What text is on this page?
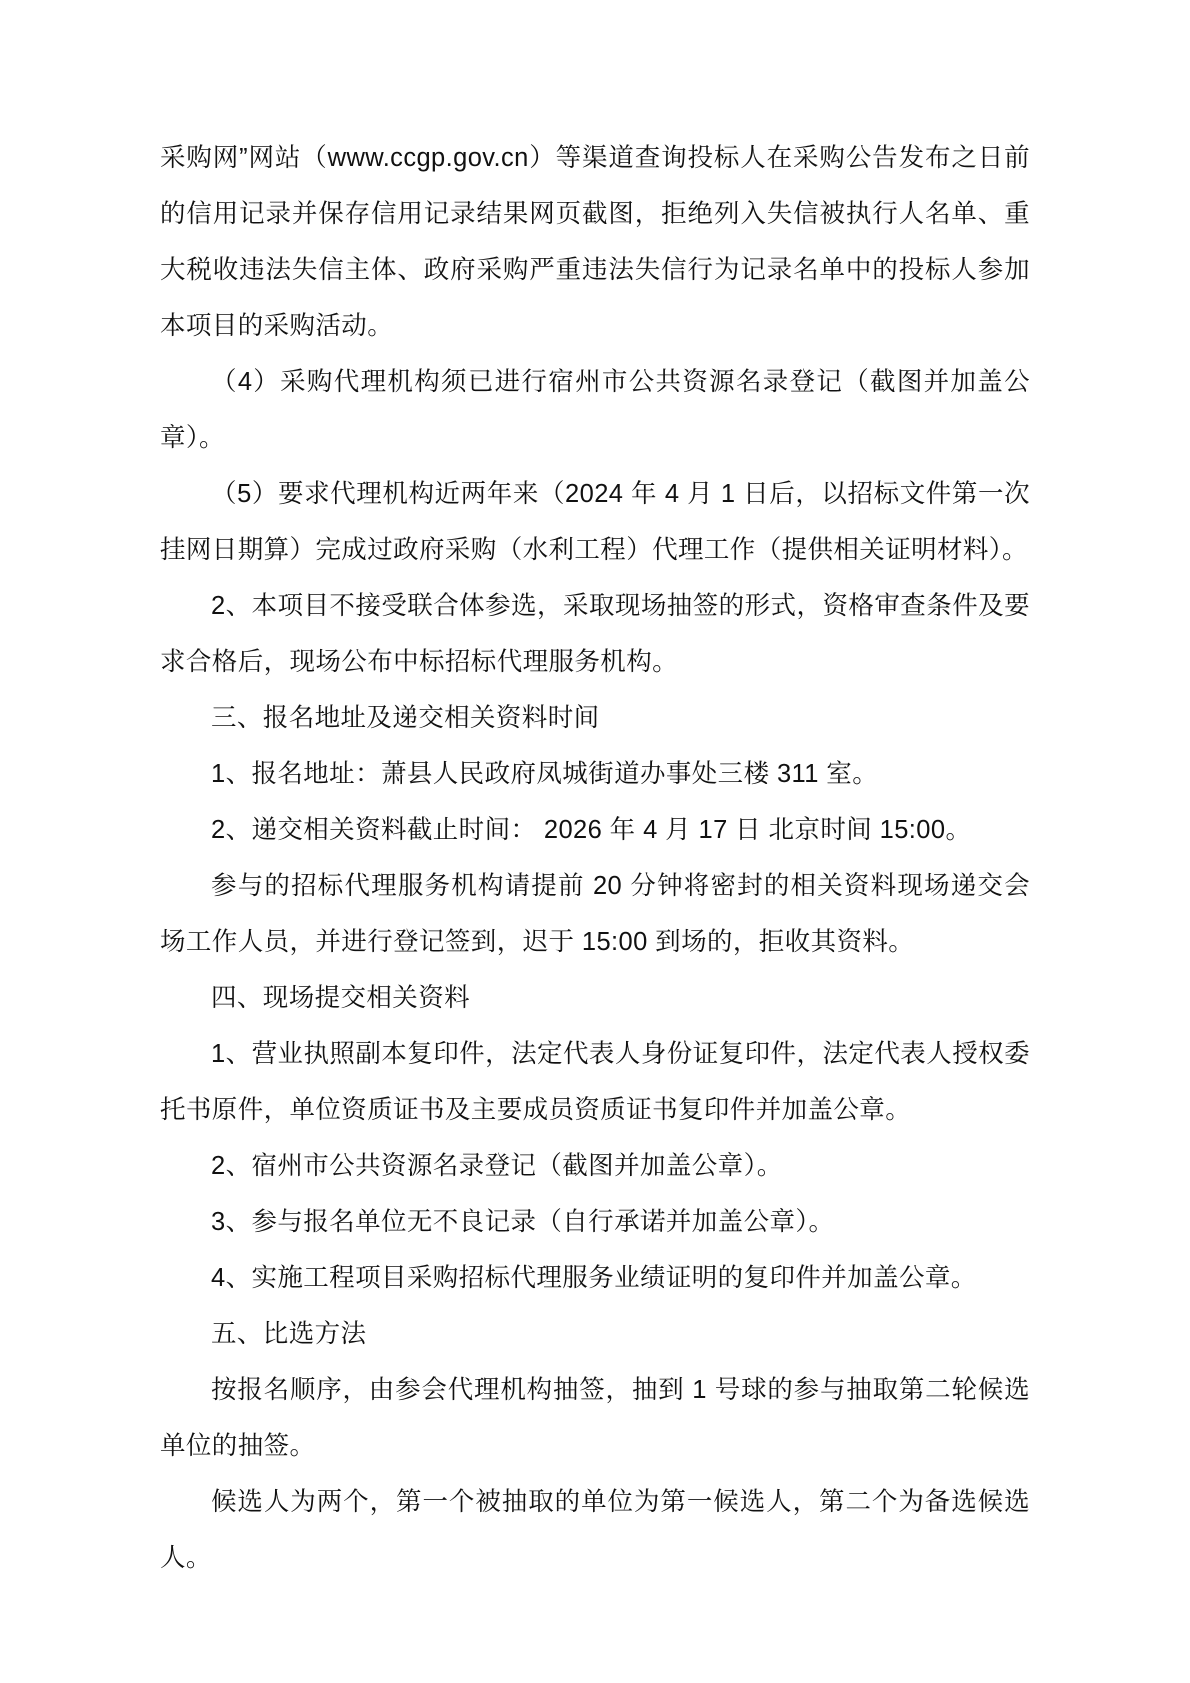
采购网”网站（www.ccgp.gov.cn）等渠道查询投标人在采购公告发布之日前的信用记录并保存信用记录结果网页截图，拒绝列入失信被执行人名单、重大税收违法失信主体、政府采购严重违法失信行为记录名单中的投标人参加本项目的采购活动。

（4）采购代理机构须已进行宿州市公共资源名录登记（截图并加盖公章）。

（5）要求代理机构近两年来（2024 年 4 月 1 日后，以招标文件第一次挂网日期算）完成过政府采购（水利工程）代理工作（提供相关证明材料）。

2、本项目不接受联合体参选，采取现场抽签的形式，资格审查条件及要求合格后，现场公布中标招标代理服务机构。

三、报名地址及递交相关资料时间

1、报名地址：萧县人民政府凤城街道办事处三楼 311 室。

2、递交相关资料截止时间： 2026 年 4 月 17 日 北京时间 15:00。

参与的招标代理服务机构请提前 20 分钟将密封的相关资料现场递交会场工作人员，并进行登记签到，迟于 15:00 到场的，拒收其资料。

四、现场提交相关资料

1、营业执照副本复印件，法定代表人身份证复印件，法定代表人授权委托书原件，单位资质证书及主要成员资质证书复印件并加盖公章。

2、宿州市公共资源名录登记（截图并加盖公章）。

3、参与报名单位无不良记录（自行承诺并加盖公章）。

4、实施工程项目采购招标代理服务业绩证明的复印件并加盖公章。

五、比选方法

按报名顺序，由参会代理机构抽签，抽到 1 号球的参与抽取第二轮候选单位的抽签。

候选人为两个，第一个被抽取的单位为第一候选人，第二个为备选候选人。
